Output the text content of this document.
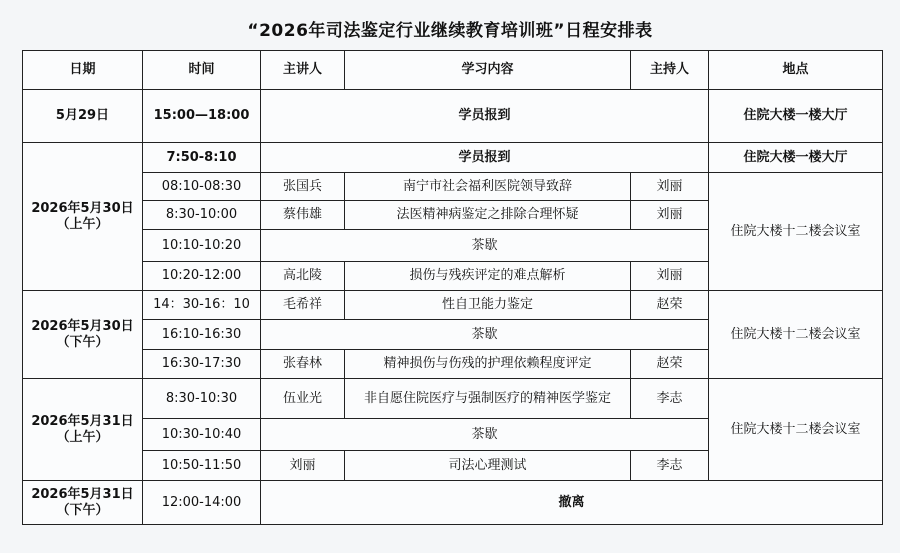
“2026年司法鉴定行业继续教育培训班”日程安排表
日期	时间	主讲人	学习内容	主持人	地点

5月29日	15:00—18:00	学员报到			住院大楼一楼大厅

2026年5月30日
（上午）	7:50-8:10	学员报到			住院大楼一楼大厅
	08:10-08:30	张国兵	南宁市社会福利医院领导致辞	刘丽	住院大楼十二楼会议室
	8:30-10:00	蔡伟雄	法医精神病鉴定之排除合理怀疑	刘丽	
	10:10-10:20	茶歇			
	10:20-12:00	高北陵	损伤与残疾评定的难点解析	刘丽	

2026年5月30日
（下午）	14：30-16：10	毛希祥	性自卫能力鉴定	赵荣	住院大楼十二楼会议室
	16:10-16:30	茶歇			
	16:30-17:30	张春林	精神损伤与伤残的护理依赖程度评定	赵荣	

2026年5月31日
（上午）	8:30-10:30	伍业光	非自愿住院医疗与强制医疗的精神医学鉴定	李志	住院大楼十二楼会议室
	10:30-10:40	茶歇			
	10:50-11:50	刘丽	司法心理测试	李志	

2026年5月31日
（下午）	12:00-14:00	撤离			
